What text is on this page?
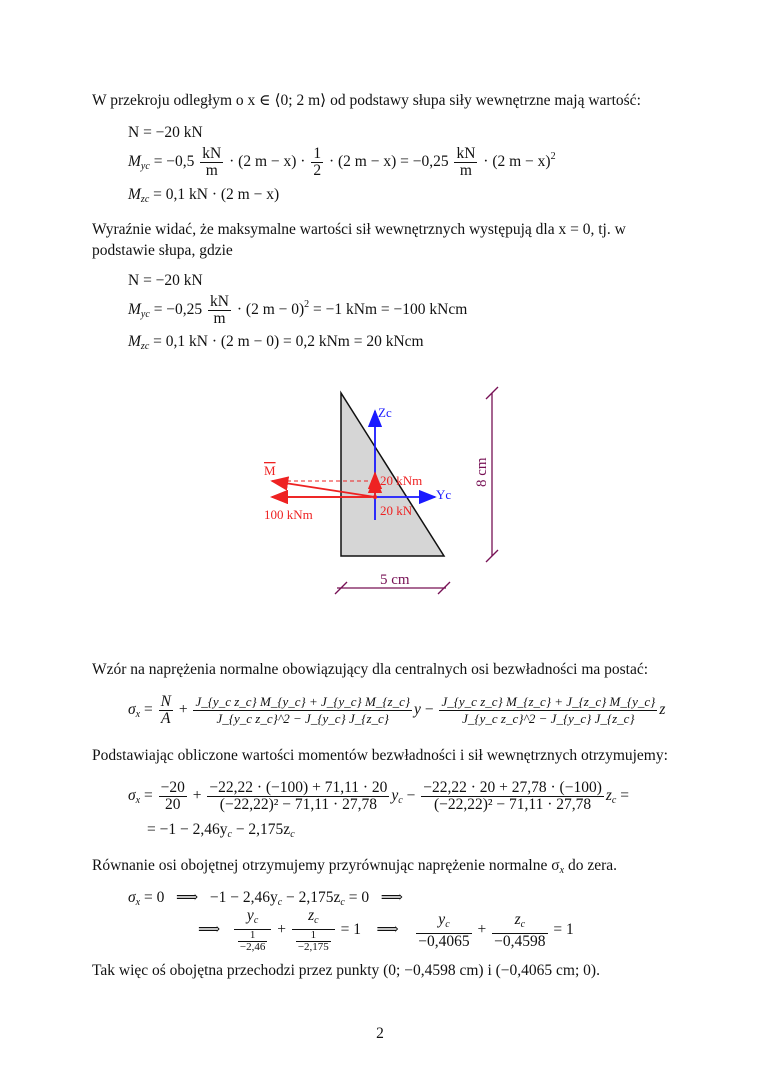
W przekroju odległym o x ∈ ⟨0; 2 m⟩ od podstawy słupa siły wewnętrzne mają wartość:
N = −20 kN
$M_{yc} = -0,5 \frac{kN}{m} \cdot (2$ $m - x) \cdot \frac{1}{2} \cdot (2$ $m - x) = -0,25 \frac{kN}{m} \cdot (2$ m − x)$^2$
$M_{zc} = 0,1$ kN · (2 m − x)
Wyraźnie widać, że maksymalne wartości sił wewnętrznych występują dla x = 0, tj. w podstawie słupa, gdzie
N = −20 kN
$M_{yc} = -0,25 \frac{kN}{m} \cdot (2$ m − 0)$^2$ = −1 kNm = −100 kNcm
$M_{zc} = 0,1$ kN · (2 m − 0) = 0,2 kNm = 20 kNcm
Zc
Yc
M
20 kNm
100 kNm	20 kN
8 cm
5 cm
Wzór na naprężenia normalne obowiązujący dla centralnych osi bezwładności ma postać:
$\sigma_x = \frac{N}{A} + \frac{\text{J\_\{y\_c z\_c\} M\_\{y\_c\} + J\_\{y\_c\} M\_\{z\_c\}}}{\text{J\_\{y\_c z\_c\}\textasciicircum{}2 − J\_\{y\_c\} J\_\{z\_c\}}}$ $y - \frac{\text{J\_\{y\_c z\_c\} M\_\{z\_c\} + J\_\{z\_c\} M\_\{y\_c\}}}{\text{J\_\{y\_c z\_c\}\textasciicircum{}2 − J\_\{y\_c\} J\_\{z\_c\}}}$ z
Podstawiając obliczone wartości momentów bezwładności i sił wewnętrznych otrzymujemy:
$\sigma_x = \frac{-20}{20} + \frac{-22,22 \cdot (-100) + 71,11 \cdot 20}{\text{(−22,22)² − 71,11 · 27,78}} y_c - \frac{-22,22 \cdot 20 + 27,78 \cdot (-100)}{\text{(−22,22)² − 71,11 · 27,78}} z_c$ =
= $-1 - 2,46y_c - 2,175z_c$
Równanie osi obojętnej otrzymujemy przyrównując naprężenie normalne $\sigma_x$ do zera.
$\sigma_x = 0$ ⟹ $-1 - 2,46y_c - 2,175z_c = 0$ ⟹
⟹ $\frac{y_c}{\frac{1}{-2,46}} + \frac{z_c}{\frac{1}{-2,175}} = 1$ ⟹ $\frac{y_c}{-0,4065} + \frac{z_c}{-0,4598} = 1$
Tak więc oś obojętna przechodzi przez punkty (0; −0,4598 cm) i (−0,4065 cm; 0).
2
